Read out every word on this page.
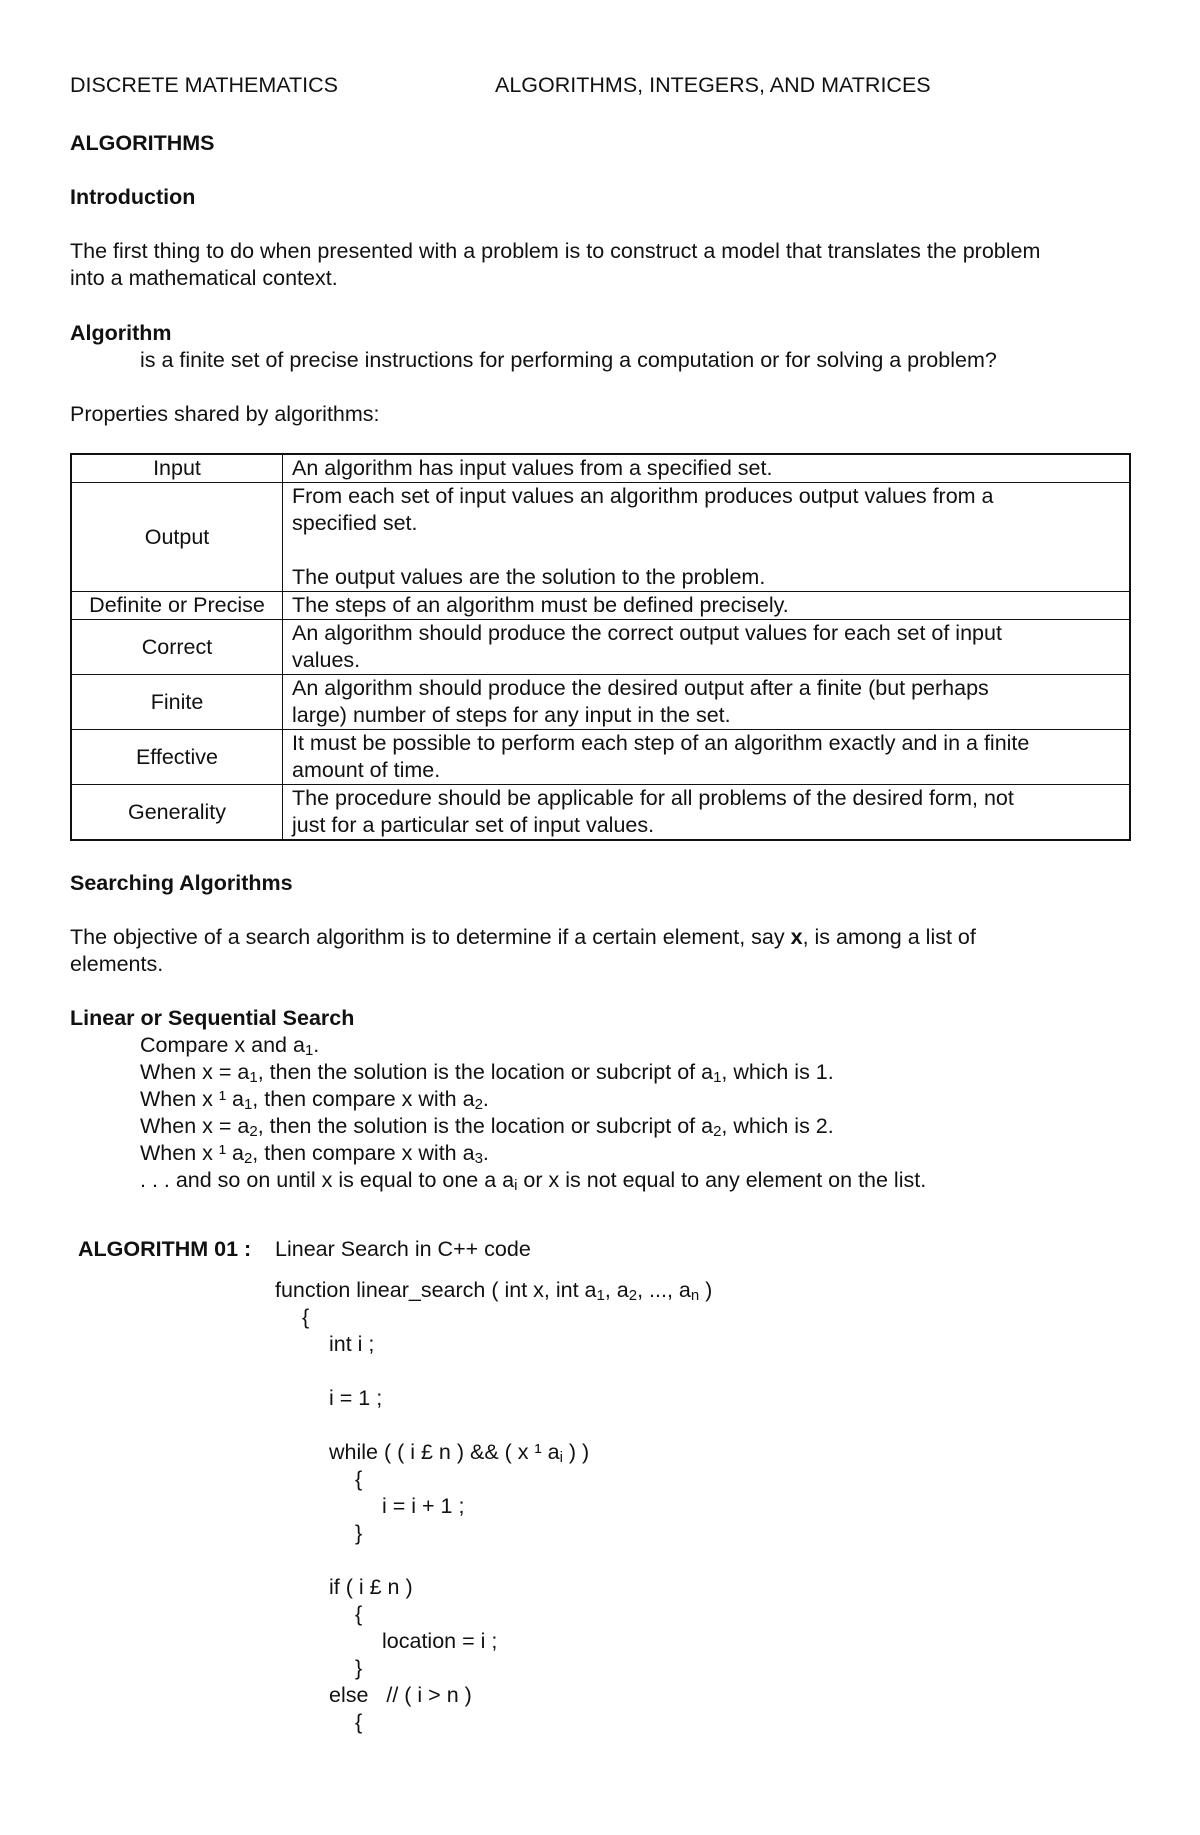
DISCRETE MATHEMATICS	ALGORITHMS, INTEGERS, AND MATRICES
ALGORITHMS
Introduction
The first thing to do when presented with a problem is to construct a model that translates the problem
into a mathematical context.
Algorithm
is a finite set of precise instructions for performing a computation or for solving a problem?
Properties shared by algorithms:
Input	An algorithm has input values from a specified set.

Output	From each set of input values an algorithm produces output values from a
specified set.
The output values are the solution to the problem.

Definite or Precise	The steps of an algorithm must be defined precisely.

Correct	An algorithm should produce the correct output values for each set of input
values.

Finite	An algorithm should produce the desired output after a finite (but perhaps
large) number of steps for any input in the set.

Effective	It must be possible to perform each step of an algorithm exactly and in a finite
amount of time.

Generality	The procedure should be applicable for all problems of the desired form, not
just for a particular set of input values.
Searching Algorithms
The objective of a search algorithm is to determine if a certain element, say x, is among a list of
elements.
Linear or Sequential Search
Compare x and $a_1$.
When $x = a_1$, then the solution is the location or subcript of $a_1$, which is 1.
When x ¹ $a_1$, then compare x with $a_2$.
When $x = a_2$, then the solution is the location or subcript of $a_2$, which is 2.
When x ¹ $a_2$, then compare x with $a_3$.
. . . and so on until x is equal to one a $a_i$ or x is not equal to any element on the list.
ALGORITHM 01 : Linear Search in C++ code
function linear_search ( int x, int $a_1$, $a_2$, ..., $a_n$ )
{
int i ;
i = 1 ;
while ( ( i £ n ) && ( x ¹ $a_i$ ) )
{
i = i + 1 ;
}
if ( i £ n )
{
location = i ;
}
else   // ( i > n )
{
